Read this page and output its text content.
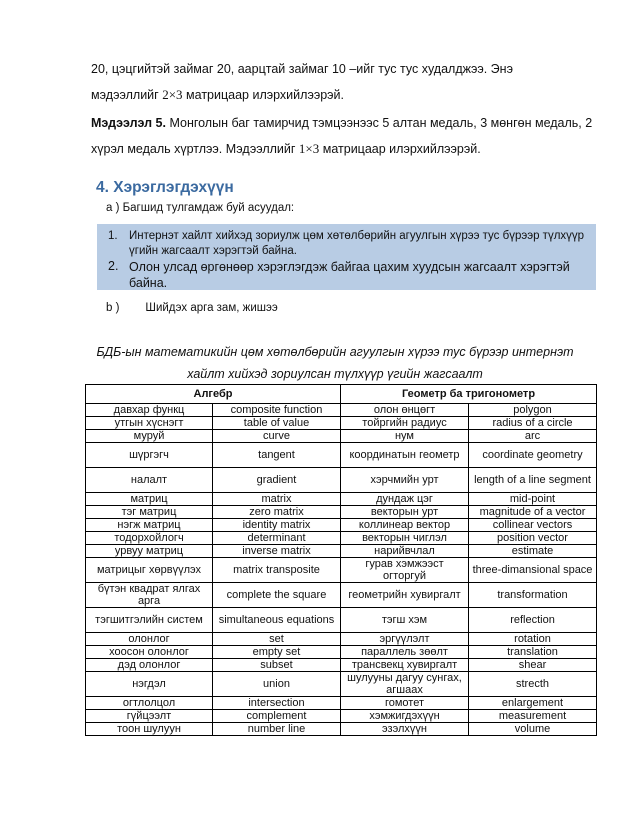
20, цэцгийтэй займаг 20, аарцтай займаг 10 –ийг тус тус худалджээ. Энэ
мэдээллийг 2×3 матрицаар илэрхийлээрэй.
Мэдээлэл 5. Монголын баг тамирчид тэмцээнээс 5 алтан медаль, 3 мөнгөн медаль, 2
хүрэл медаль хүртлээ. Мэдээллийг 1×3 матрицаар илэрхийлээрэй.
4. Хэрэглэгдэхүүн
а ) Багшид тулгамдаж буй асуудал:
1. Интернэт хайлт хийхэд зориулж цөм хөтөлбөрийн агуулгын хүрээ тус бүрээр түлхүүр үгийн жагсаалт хэрэгтэй байна.
2. Олон улсад өргөнөөр хэрэглэгдэж байгаа цахим хуудсын жагсаалт хэрэгтэй байна.
b ) Шийдэх арга зам, жишээ
БДБ-ын математикийн цөм хөтөлбөрийн агуулгын хүрээ тус бүрээр интернэт
хайлт хийхэд зориулсан түлхүүр үгийн жагсаалт
Алгебр		Геометр ба тригонометр	
давхар функц	composite function	олон өнцөгт	polygon
утгын хүснэгт	table of value	тойргийн радиус	radius of a circle
муруй	curve	нум	arc
шүргэгч	tangent	координатын геометр	coordinate geometry
налалт	gradient	хэрчмийн урт	length of a line segment
матриц	matrix	дундаж цэг	mid-point
тэг матриц	zero matrix	векторын урт	magnitude of a vector
нэгж матриц	identity matrix	коллинеар вектор	collinear vectors
тодорхойлогч	determinant	векторын чиглэл	position vector
урвуу матриц	inverse matrix	нарийвчлал	estimate
матрицыг хөрвүүлэх	matrix transposite	гурав хэмжээст огторгуй	three-dimansional space
бүтэн квадрат ялгах арга	complete the square	геометрийн хувиргалт	transformation
тэгшитгэлийн систем	simultaneous equations	тэгш хэм	reflection
олонлог	set	эргүүлэлт	rotation
хоосон олонлог	empty set	параллель зөөлт	translation
дэд олонлог	subset	трансвекц хувиргалт	shear
нэгдэл	union	шулууны дагуу сунгах, агшаах	strecth
огтлолцол	intersection	гомотет	enlargement
гүйцээлт	complement	хэмжигдэхүүн	measurement
тоон шулуун	number line	эзэлхүүн	volume
